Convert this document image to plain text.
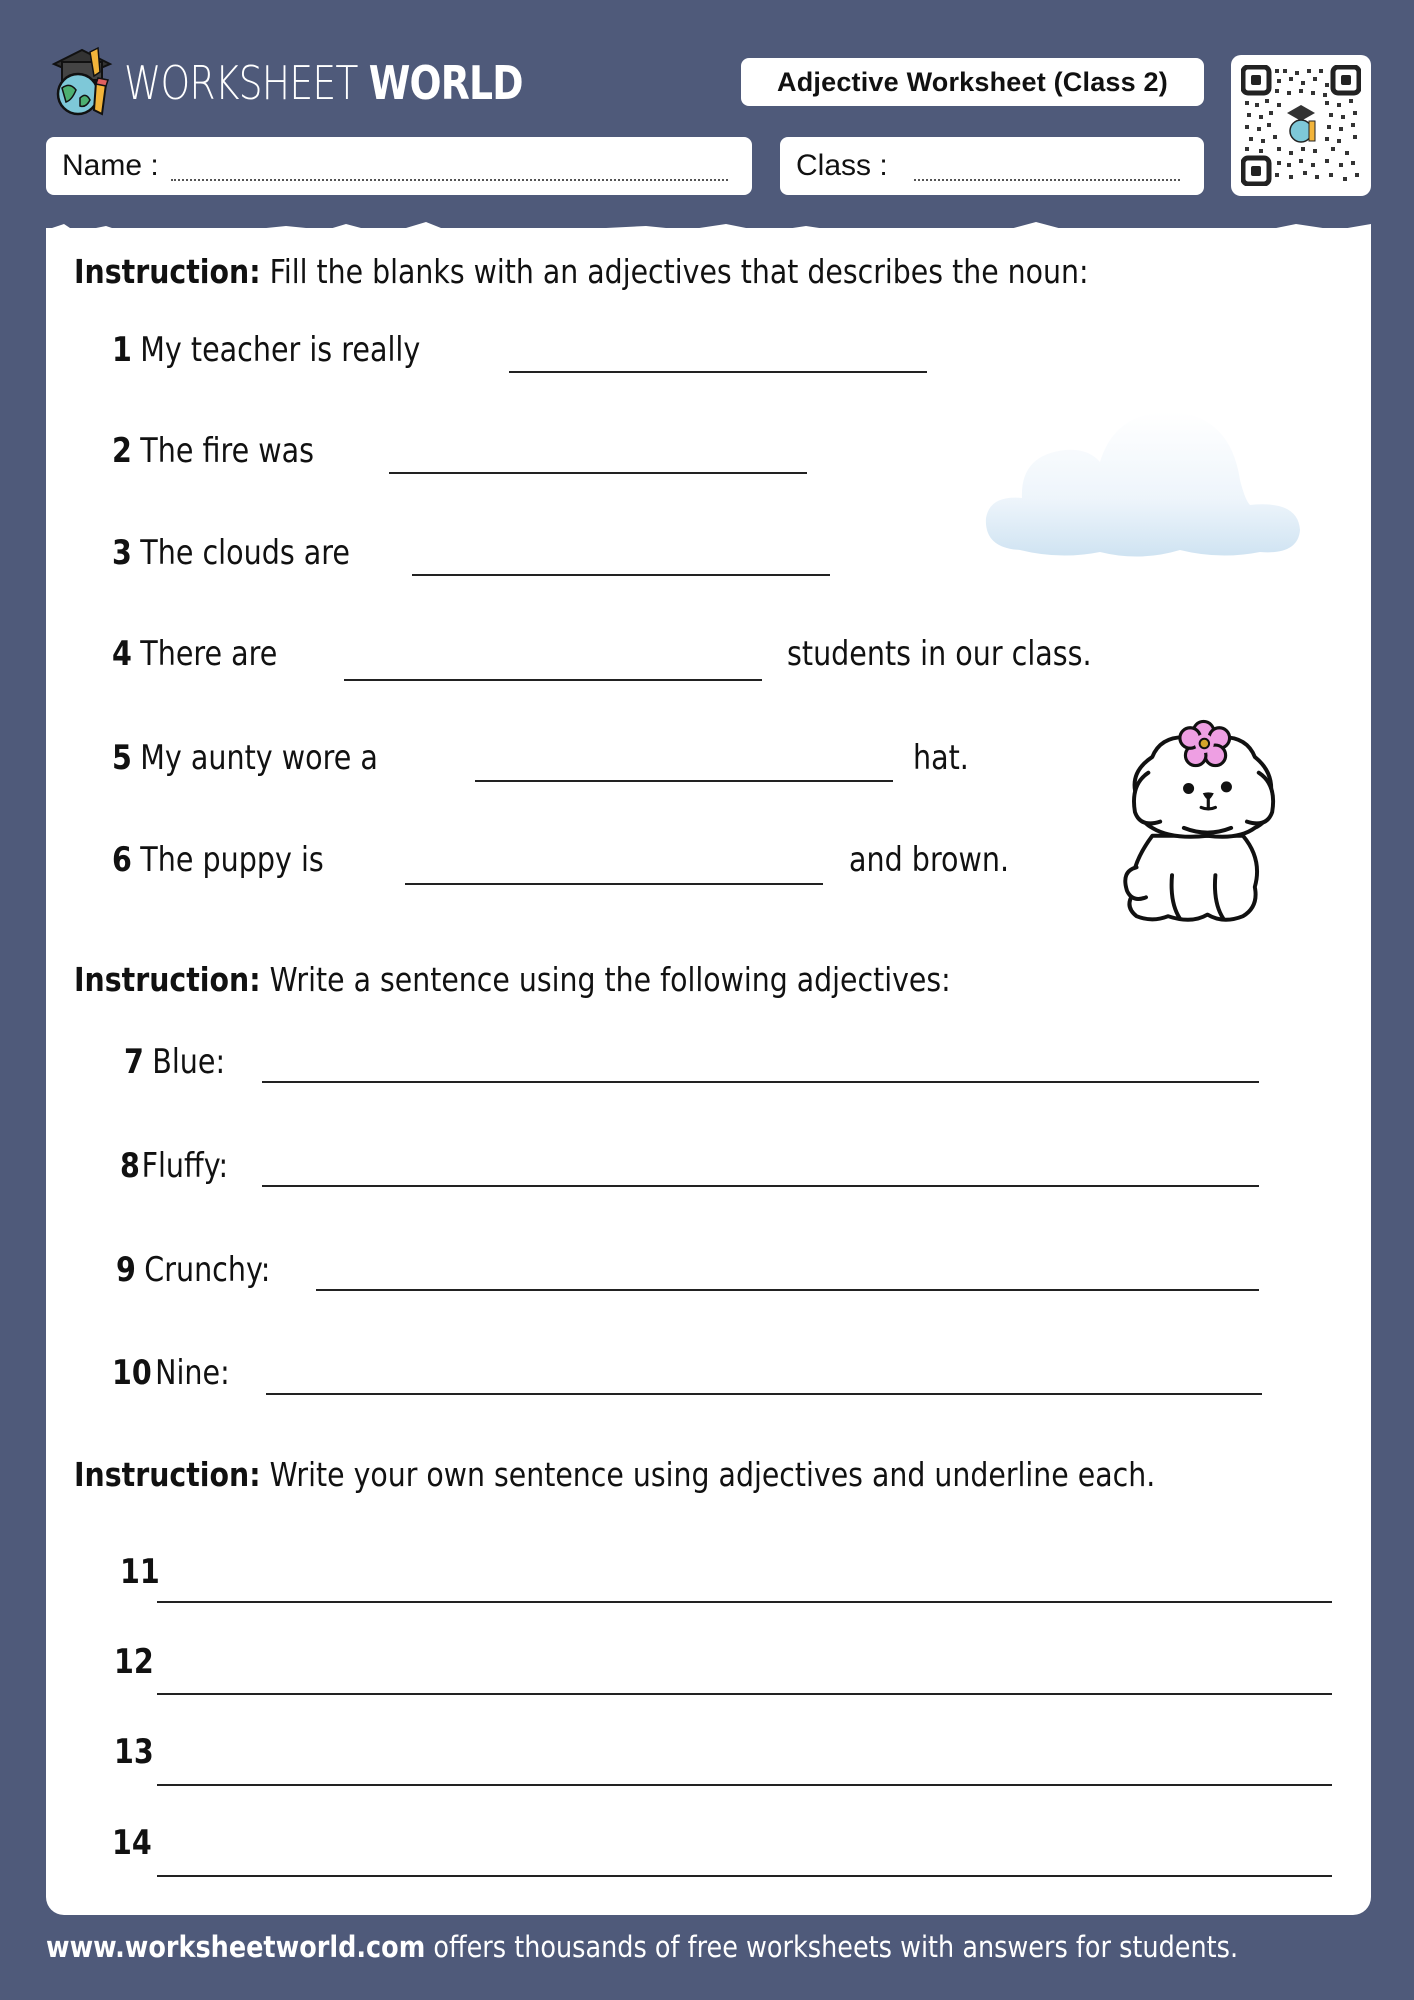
WORKSHEET WORLD	Adjective Worksheet (Class 2)
Name :	Class :
Instruction: Fill the blanks with an adjectives that describes the noun:
1 My teacher is really
2 The fire was
3 The clouds are
4 There are	students in our class.
5 My aunty wore a	hat.
6 The puppy is	and brown.
Instruction: Write a sentence using the following adjectives:
7 Blue:
8Fluffy:
9 Crunchy:
10Nine:
Instruction: Write your own sentence using adjectives and underline each.
11
12
13
14
www.worksheetworld.com offers thousands of free worksheets with answers for students.
